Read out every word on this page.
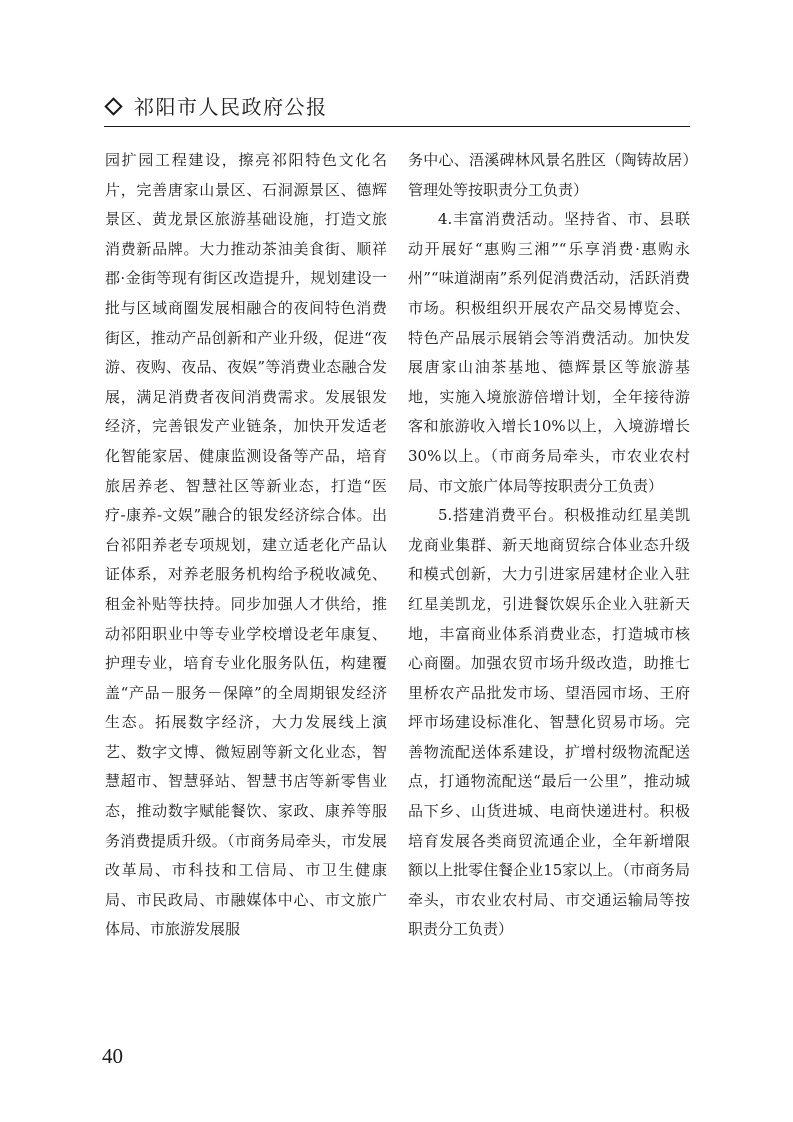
祁阳市人民政府公报

园扩园工程建设，擦亮祁阳特色文化名片，完善唐家山景区、石洞源景区、德辉景区、黄龙景区旅游基础设施，打造文旅消费新品牌。大力推动茶油美食街、顺祥郡·金街等现有街区改造提升，规划建设一批与区域商圈发展相融合的夜间特色消费街区，推动产品创新和产业升级，促进“夜游、夜购、夜品、夜娱”等消费业态融合发展，满足消费者夜间消费需求。发展银发经济，完善银发产业链条，加快开发适老化智能家居、健康监测设备等产品，培育旅居养老、智慧社区等新业态，打造“医疗-康养-文娱”融合的银发经济综合体。出台祁阳养老专项规划，建立适老化产品认证体系，对养老服务机构给予税收减免、租金补贴等扶持。同步加强人才供给，推动祁阳职业中等专业学校增设老年康复、护理专业，培育专业化服务队伍，构建覆盖“产品－服务－保障”的全周期银发经济生态。拓展数字经济，大力发展线上演艺、数字文博、微短剧等新文化业态，智慧超市、智慧驿站、智慧书店等新零售业态，推动数字赋能餐饮、家政、康养等服务消费提质升级。（市商务局牵头，市发展改革局、市科技和工信局、市卫生健康局、市民政局、市融媒体中心、市文旅广体局、市旅游发展服

务中心、浯溪碑林风景名胜区（陶铸故居）管理处等按职责分工负责）

4.丰富消费活动。坚持省、市、县联动开展好“惠购三湘”“乐享消费·惠购永州”“味道湖南”系列促消费活动，活跃消费市场。积极组织开展农产品交易博览会、特色产品展示展销会等消费活动。加快发展唐家山油茶基地、德辉景区等旅游基地，实施入境旅游倍增计划，全年接待游客和旅游收入增长10%以上，入境游增长30%以上。（市商务局牵头，市农业农村局、市文旅广体局等按职责分工负责）

5.搭建消费平台。积极推动红星美凯龙商业集群、新天地商贸综合体业态升级和模式创新，大力引进家居建材企业入驻红星美凯龙，引进餐饮娱乐企业入驻新天地，丰富商业体系消费业态，打造城市核心商圈。加强农贸市场升级改造，助推七里桥农产品批发市场、望浯园市场、王府坪市场建设标准化、智慧化贸易市场。完善物流配送体系建设，扩增村级物流配送点，打通物流配送“最后一公里”，推动城品下乡、山货进城、电商快递进村。积极培育发展各类商贸流通企业，全年新增限额以上批零住餐企业15家以上。（市商务局牵头，市农业农村局、市交通运输局等按职责分工负责）

40
